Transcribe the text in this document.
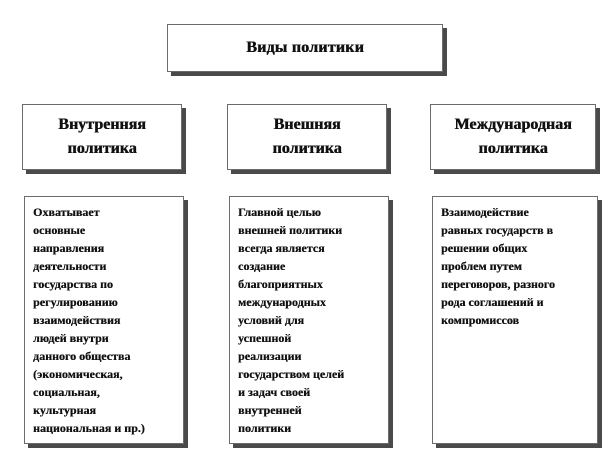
Виды политики
Внутренняя
политика
Внешняя
политика
Международная
политика
Охватывает
основные
направления
деятельности
государства по
регулированию
взаимодействия
людей внутри
данного общества
(экономическая,
социальная,
культурная
национальная и пр.)
Главной целью
внешней политики
всегда является
создание
благоприятных
международных
условий для
успешной
реализации
государством целей
и задач своей
внутренней
политики
Взаимодействие
равных государств в
решении общих
проблем путем
переговоров, разного
рода соглашений и
компромиссов
